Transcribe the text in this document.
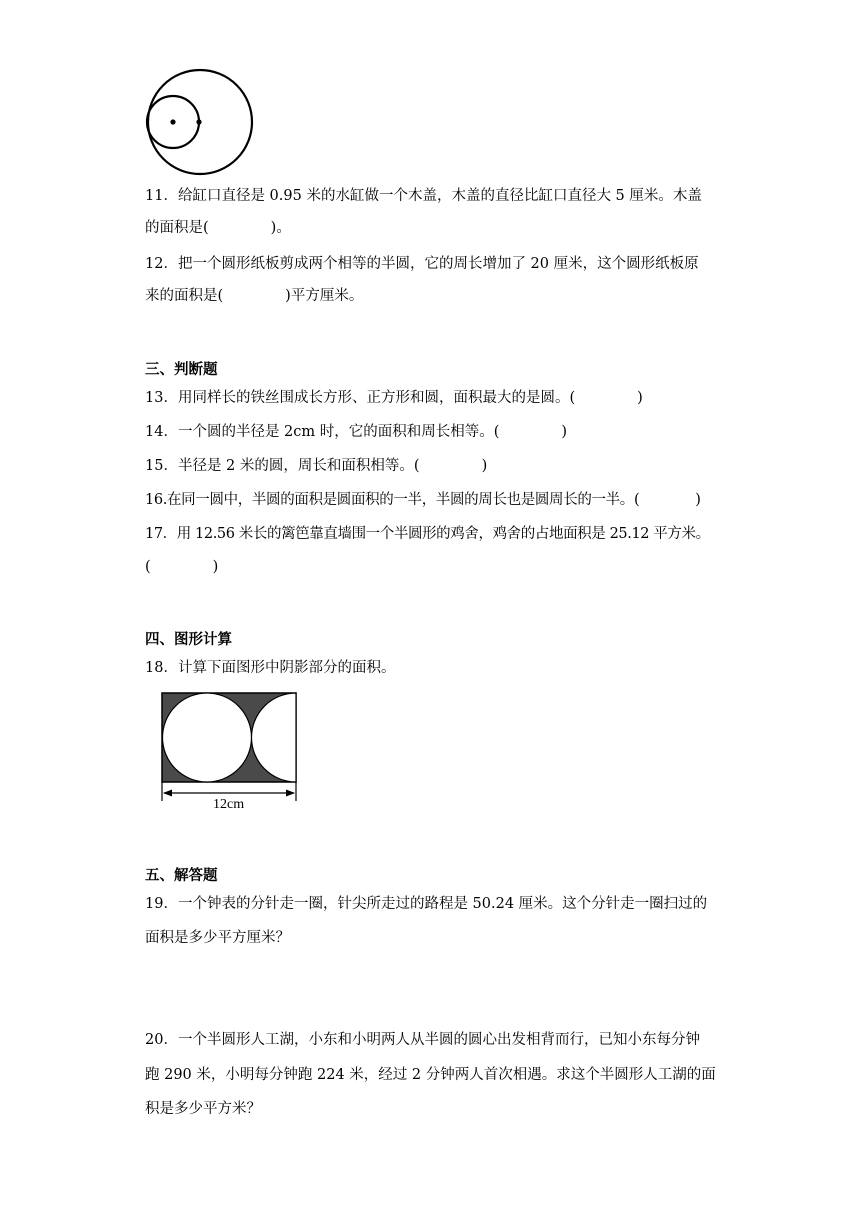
11．给缸口直径是 0.95 米的水缸做一个木盖，木盖的直径比缸口直径大 5 厘米。木盖
的面积是(	)。
12．把一个圆形纸板剪成两个相等的半圆，它的周长增加了 20 厘米，这个圆形纸板原
来的面积是(	)平方厘米。
三、判断题
13．用同样长的铁丝围成长方形、正方形和圆，面积最大的是圆。(	)
14．一个圆的半径是 2cm 时，它的面积和周长相等。(	)
15．半径是 2 米的圆，周长和面积相等。(	)
16.在同一圆中，半圆的面积是圆面积的一半，半圆的周长也是圆周长的一半。(	)
17．用 12.56 米长的篱笆靠直墙围一个半圆形的鸡舍，鸡舍的占地面积是 25.12 平方米。
(	)
四、图形计算
18．计算下面图形中阴影部分的面积。
12cm
五、解答题
19．一个钟表的分针走一圈，针尖所走过的路程是 50.24 厘米。这个分针走一圈扫过的
面积是多少平方厘米？
20．一个半圆形人工湖，小东和小明两人从半圆的圆心出发相背而行，已知小东每分钟
跑 290 米，小明每分钟跑 224 米，经过 2 分钟两人首次相遇。求这个半圆形人工湖的面
积是多少平方米？
